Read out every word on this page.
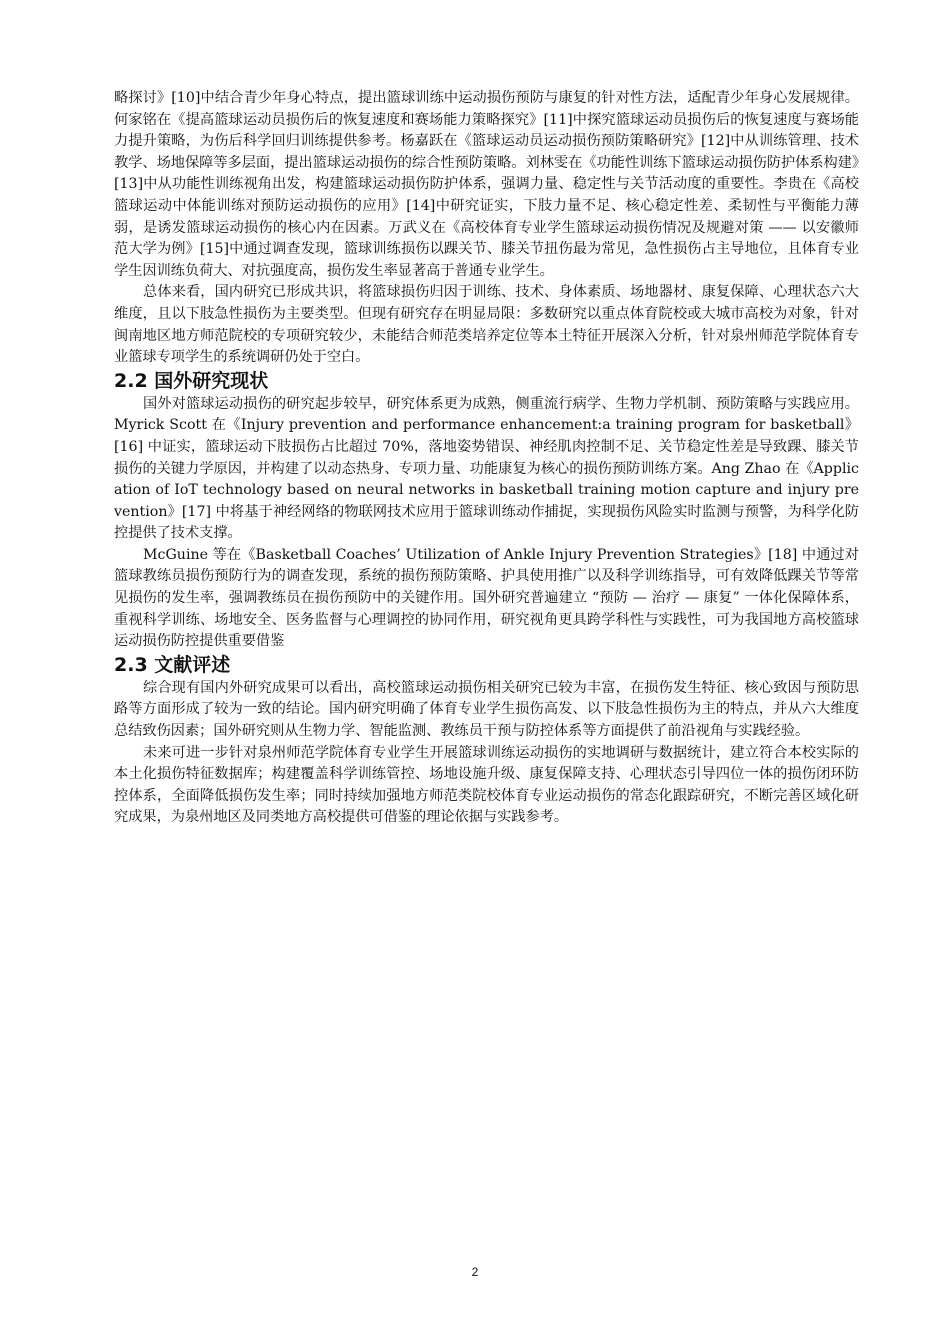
略探讨》[10]中结合青少年身心特点，提出篮球训练中运动损伤预防与康复的针对性方法，适配青少年身心发展规律。何家铭在《提高篮球运动员损伤后的恢复速度和赛场能力策略探究》[11]中探究篮球运动员损伤后的恢复速度与赛场能力提升策略，为伤后科学回归训练提供参考。杨嘉跃在《篮球运动员运动损伤预防策略研究》[12]中从训练管理、技术教学、场地保障等多层面，提出篮球运动损伤的综合性预防策略。刘林雯在《功能性训练下篮球运动损伤防护体系构建》[13]中从功能性训练视角出发，构建篮球运动损伤防护体系，强调力量、稳定性与关节活动度的重要性。李贵在《高校篮球运动中体能训练对预防运动损伤的应用》[14]中研究证实，下肢力量不足、核心稳定性差、柔韧性与平衡能力薄弱，是诱发篮球运动损伤的核心内在因素。万武义在《高校体育专业学生篮球运动损伤情况及规避对策 —— 以安徽师范大学为例》[15]中通过调查发现，篮球训练损伤以踝关节、膝关节扭伤最为常见，急性损伤占主导地位，且体育专业学生因训练负荷大、对抗强度高，损伤发生率显著高于普通专业学生。

总体来看，国内研究已形成共识，将篮球损伤归因于训练、技术、身体素质、场地器材、康复保障、心理状态六大维度，且以下肢急性损伤为主要类型。但现有研究存在明显局限：多数研究以重点体育院校或大城市高校为对象，针对闽南地区地方师范院校的专项研究较少，未能结合师范类培养定位等本土特征开展深入分析，针对泉州师范学院体育专业篮球专项学生的系统调研仍处于空白。

2.2 国外研究现状

国外对篮球运动损伤的研究起步较早，研究体系更为成熟，侧重流行病学、生物力学机制、预防策略与实践应用。Myrick Scott 在《Injury prevention and performance enhancement:a training program for basketball》[16] 中证实，篮球运动下肢损伤占比超过 70%，落地姿势错误、神经肌肉控制不足、关节稳定性差是导致踝、膝关节损伤的关键力学原因，并构建了以动态热身、专项力量、功能康复为核心的损伤预防训练方案。Ang Zhao 在《Application of IoT technology based on neural networks in basketball training motion capture and injury prevention》[17] 中将基于神经网络的物联网技术应用于篮球训练动作捕捉，实现损伤风险实时监测与预警，为科学化防控提供了技术支撑。

McGuine 等在《Basketball Coaches’ Utilization of Ankle Injury Prevention Strategies》[18] 中通过对篮球教练员损伤预防行为的调查发现，系统的损伤预防策略、护具使用推广以及科学训练指导，可有效降低踝关节等常见损伤的发生率，强调教练员在损伤预防中的关键作用。国外研究普遍建立 “预防 — 治疗 — 康复” 一体化保障体系，重视科学训练、场地安全、医务监督与心理调控的协同作用，研究视角更具跨学科性与实践性，可为我国地方高校篮球运动损伤防控提供重要借鉴

2.3 文献评述

综合现有国内外研究成果可以看出，高校篮球运动损伤相关研究已较为丰富，在损伤发生特征、核心致因与预防思路等方面形成了较为一致的结论。国内研究明确了体育专业学生损伤高发、以下肢急性损伤为主的特点，并从六大维度总结致伤因素；国外研究则从生物力学、智能监测、教练员干预与防控体系等方面提供了前沿视角与实践经验。

未来可进一步针对泉州师范学院体育专业学生开展篮球训练运动损伤的实地调研与数据统计，建立符合本校实际的本土化损伤特征数据库；构建覆盖科学训练管控、场地设施升级、康复保障支持、心理状态引导四位一体的损伤闭环防控体系，全面降低损伤发生率；同时持续加强地方师范类院校体育专业运动损伤的常态化跟踪研究，不断完善区域化研究成果，为泉州地区及同类地方高校提供可借鉴的理论依据与实践参考。

2
